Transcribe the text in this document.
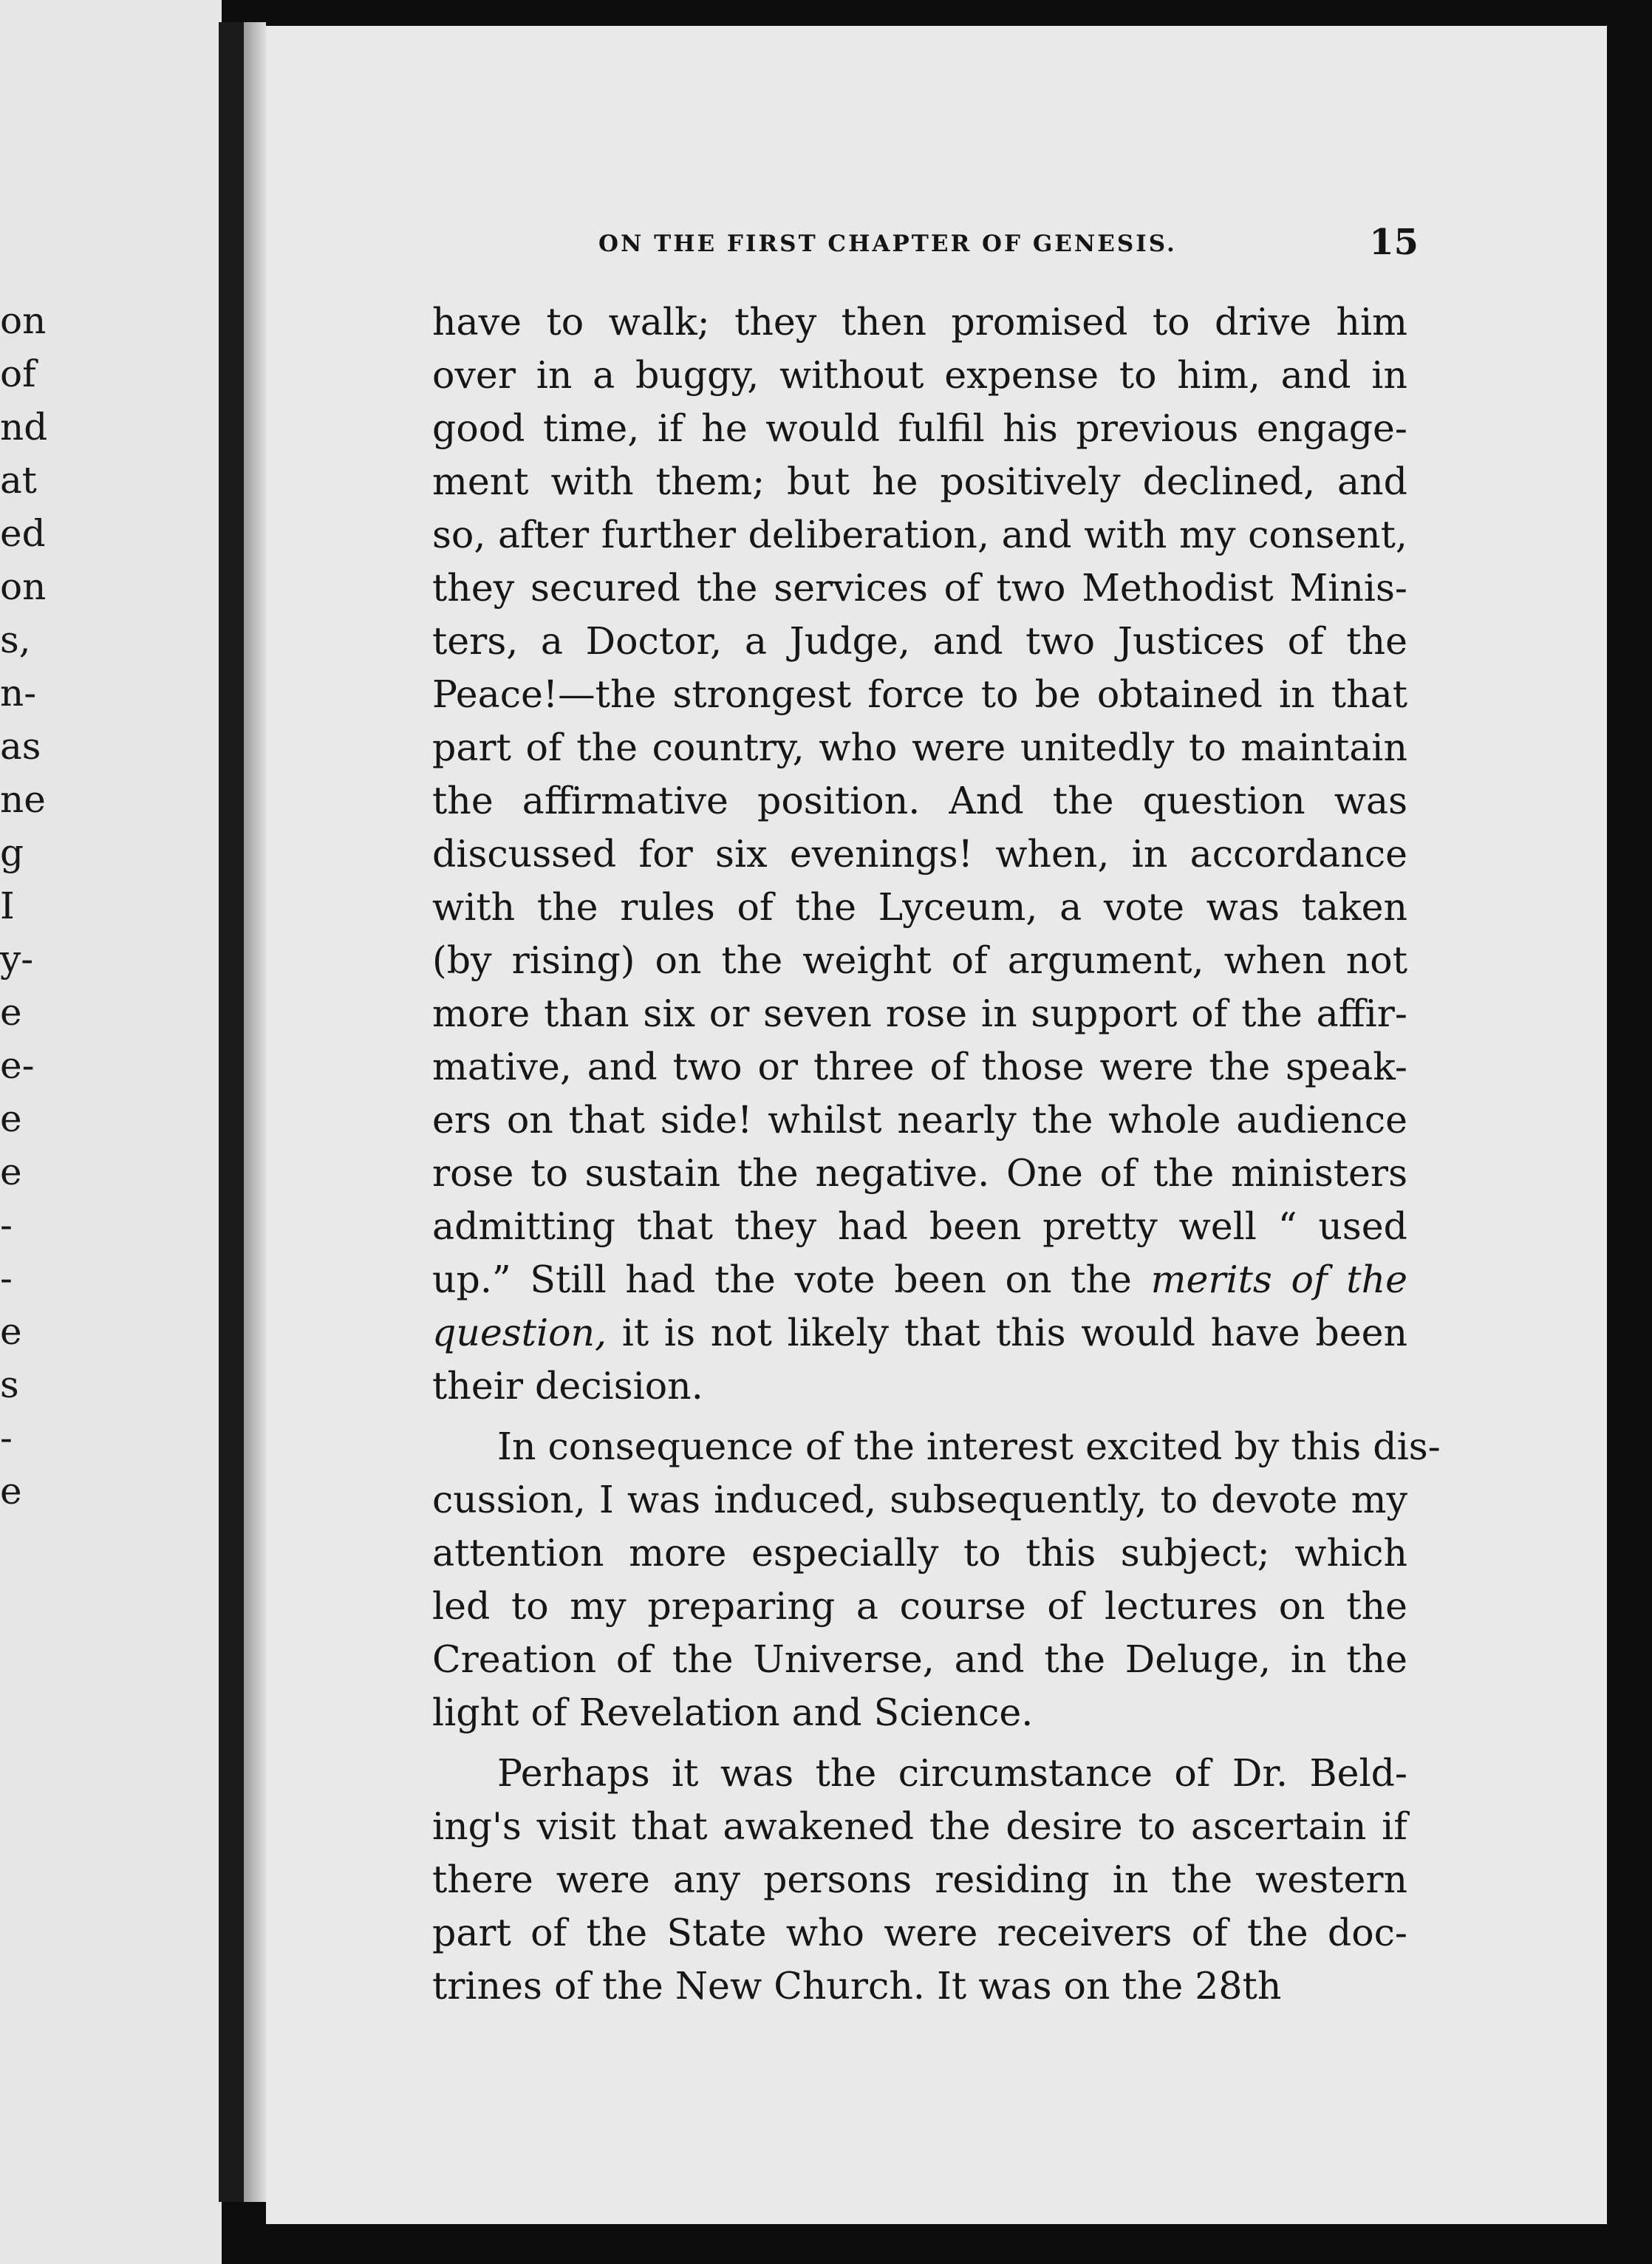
on
of
nd
at
ed
on
s,
n-
as
ne
g
I
y-
e
e-
e
e
-
-
e
s
-
e
ON THE FIRST CHAPTER OF GENESIS.	15
have to walk; they then promised to drive him
over in a buggy, without expense to him, and in
good time, if he would fulfil his previous engage-
ment with them; but he positively declined, and
so, after further deliberation, and with my consent,
they secured the services of two Methodist Minis-
ters, a Doctor, a Judge, and two Justices of the
Peace!—the strongest force to be obtained in that
part of the country, who were unitedly to maintain
the affirmative position. And the question was
discussed for six evenings! when, in accordance
with the rules of the Lyceum, a vote was taken
(by rising) on the weight of argument, when not
more than six or seven rose in support of the affir-
mative, and two or three of those were the speak-
ers on that side! whilst nearly the whole audience
rose to sustain the negative. One of the ministers
admitting that they had been pretty well “ used
up.” Still had the vote been on the merits of the
question, it is not likely that this would have been
their decision.
In consequence of the interest excited by this dis-
cussion, I was induced, subsequently, to devote my
attention more especially to this subject; which
led to my preparing a course of lectures on the
Creation of the Universe, and the Deluge, in the
light of Revelation and Science.
Perhaps it was the circumstance of Dr. Beld-
ing's visit that awakened the desire to ascertain if
there were any persons residing in the western
part of the State who were receivers of the doc-
trines of the New Church. It was on the 28th
